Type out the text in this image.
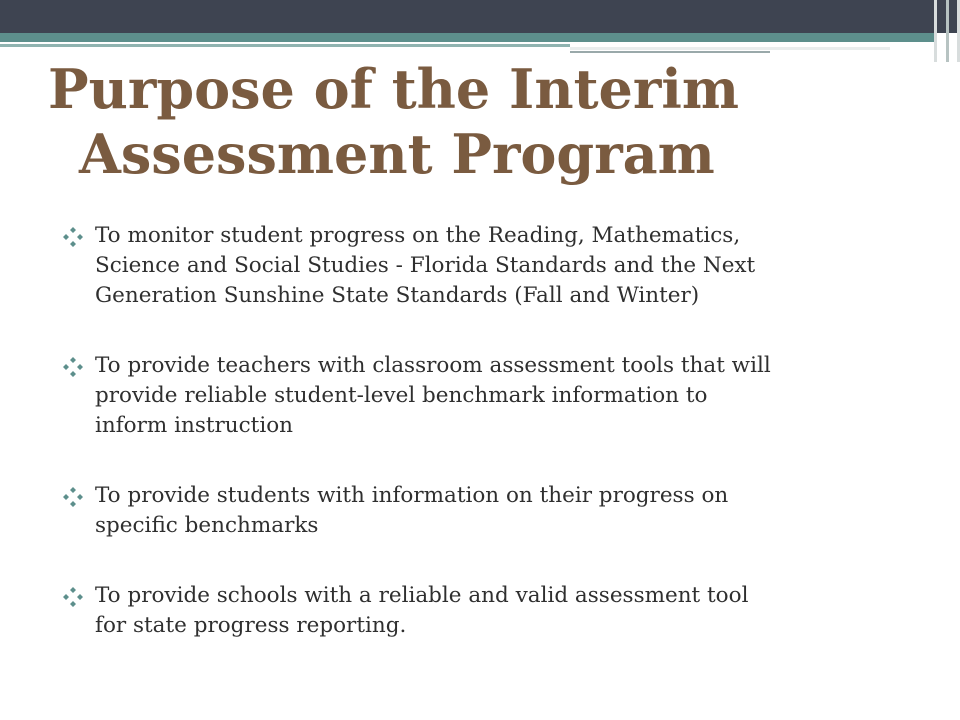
Purpose of the Interim
Assessment Program
To monitor student progress on the Reading, Mathematics,
Science and Social Studies - Florida Standards and the Next
Generation Sunshine State Standards (Fall and Winter)
To provide teachers with classroom assessment tools that will
provide reliable student-level benchmark information to
inform instruction
To provide students with information on their progress on
specific benchmarks
To provide schools with a reliable and valid assessment tool
for state progress reporting.
